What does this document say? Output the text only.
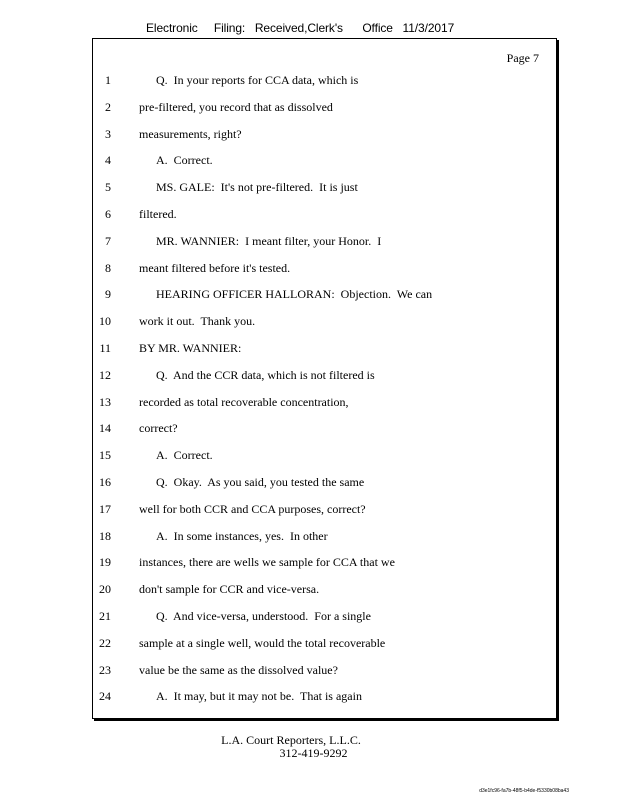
Electronic     Filing:   Received,Clerk's      Office   11/3/2017
Page 7
1	Q.  In your reports for CCA data, which is
2 pre-filtered, you record that as dissolved
3 measurements, right?
4	A.  Correct.
5	MS. GALE:  It's not pre-filtered.  It is just
6 filtered.
7	MR. WANNIER:  I meant filter, your Honor.  I
8 meant filtered before it's tested.
9	HEARING OFFICER HALLORAN:  Objection.  We can
10 work it out.  Thank you.
11 BY MR. WANNIER:
12	Q.  And the CCR data, which is not filtered is
13 recorded as total recoverable concentration,
14 correct?
15	A.  Correct.
16	Q.  Okay.  As you said, you tested the same
17 well for both CCR and CCA purposes, correct?
18	A.  In some instances, yes.  In other
19 instances, there are wells we sample for CCA that we
20 don't sample for CCR and vice-versa.
21	Q.  And vice-versa, understood.  For a single
22 sample at a single well, would the total recoverable
23 value be the same as the dissolved value?
24	A.  It may, but it may not be.  That is again
L.A. Court Reporters, L.L.C.
312-419-9292
d3e1fc96-fa7b-48f5-b4de-f5330b08ba43
